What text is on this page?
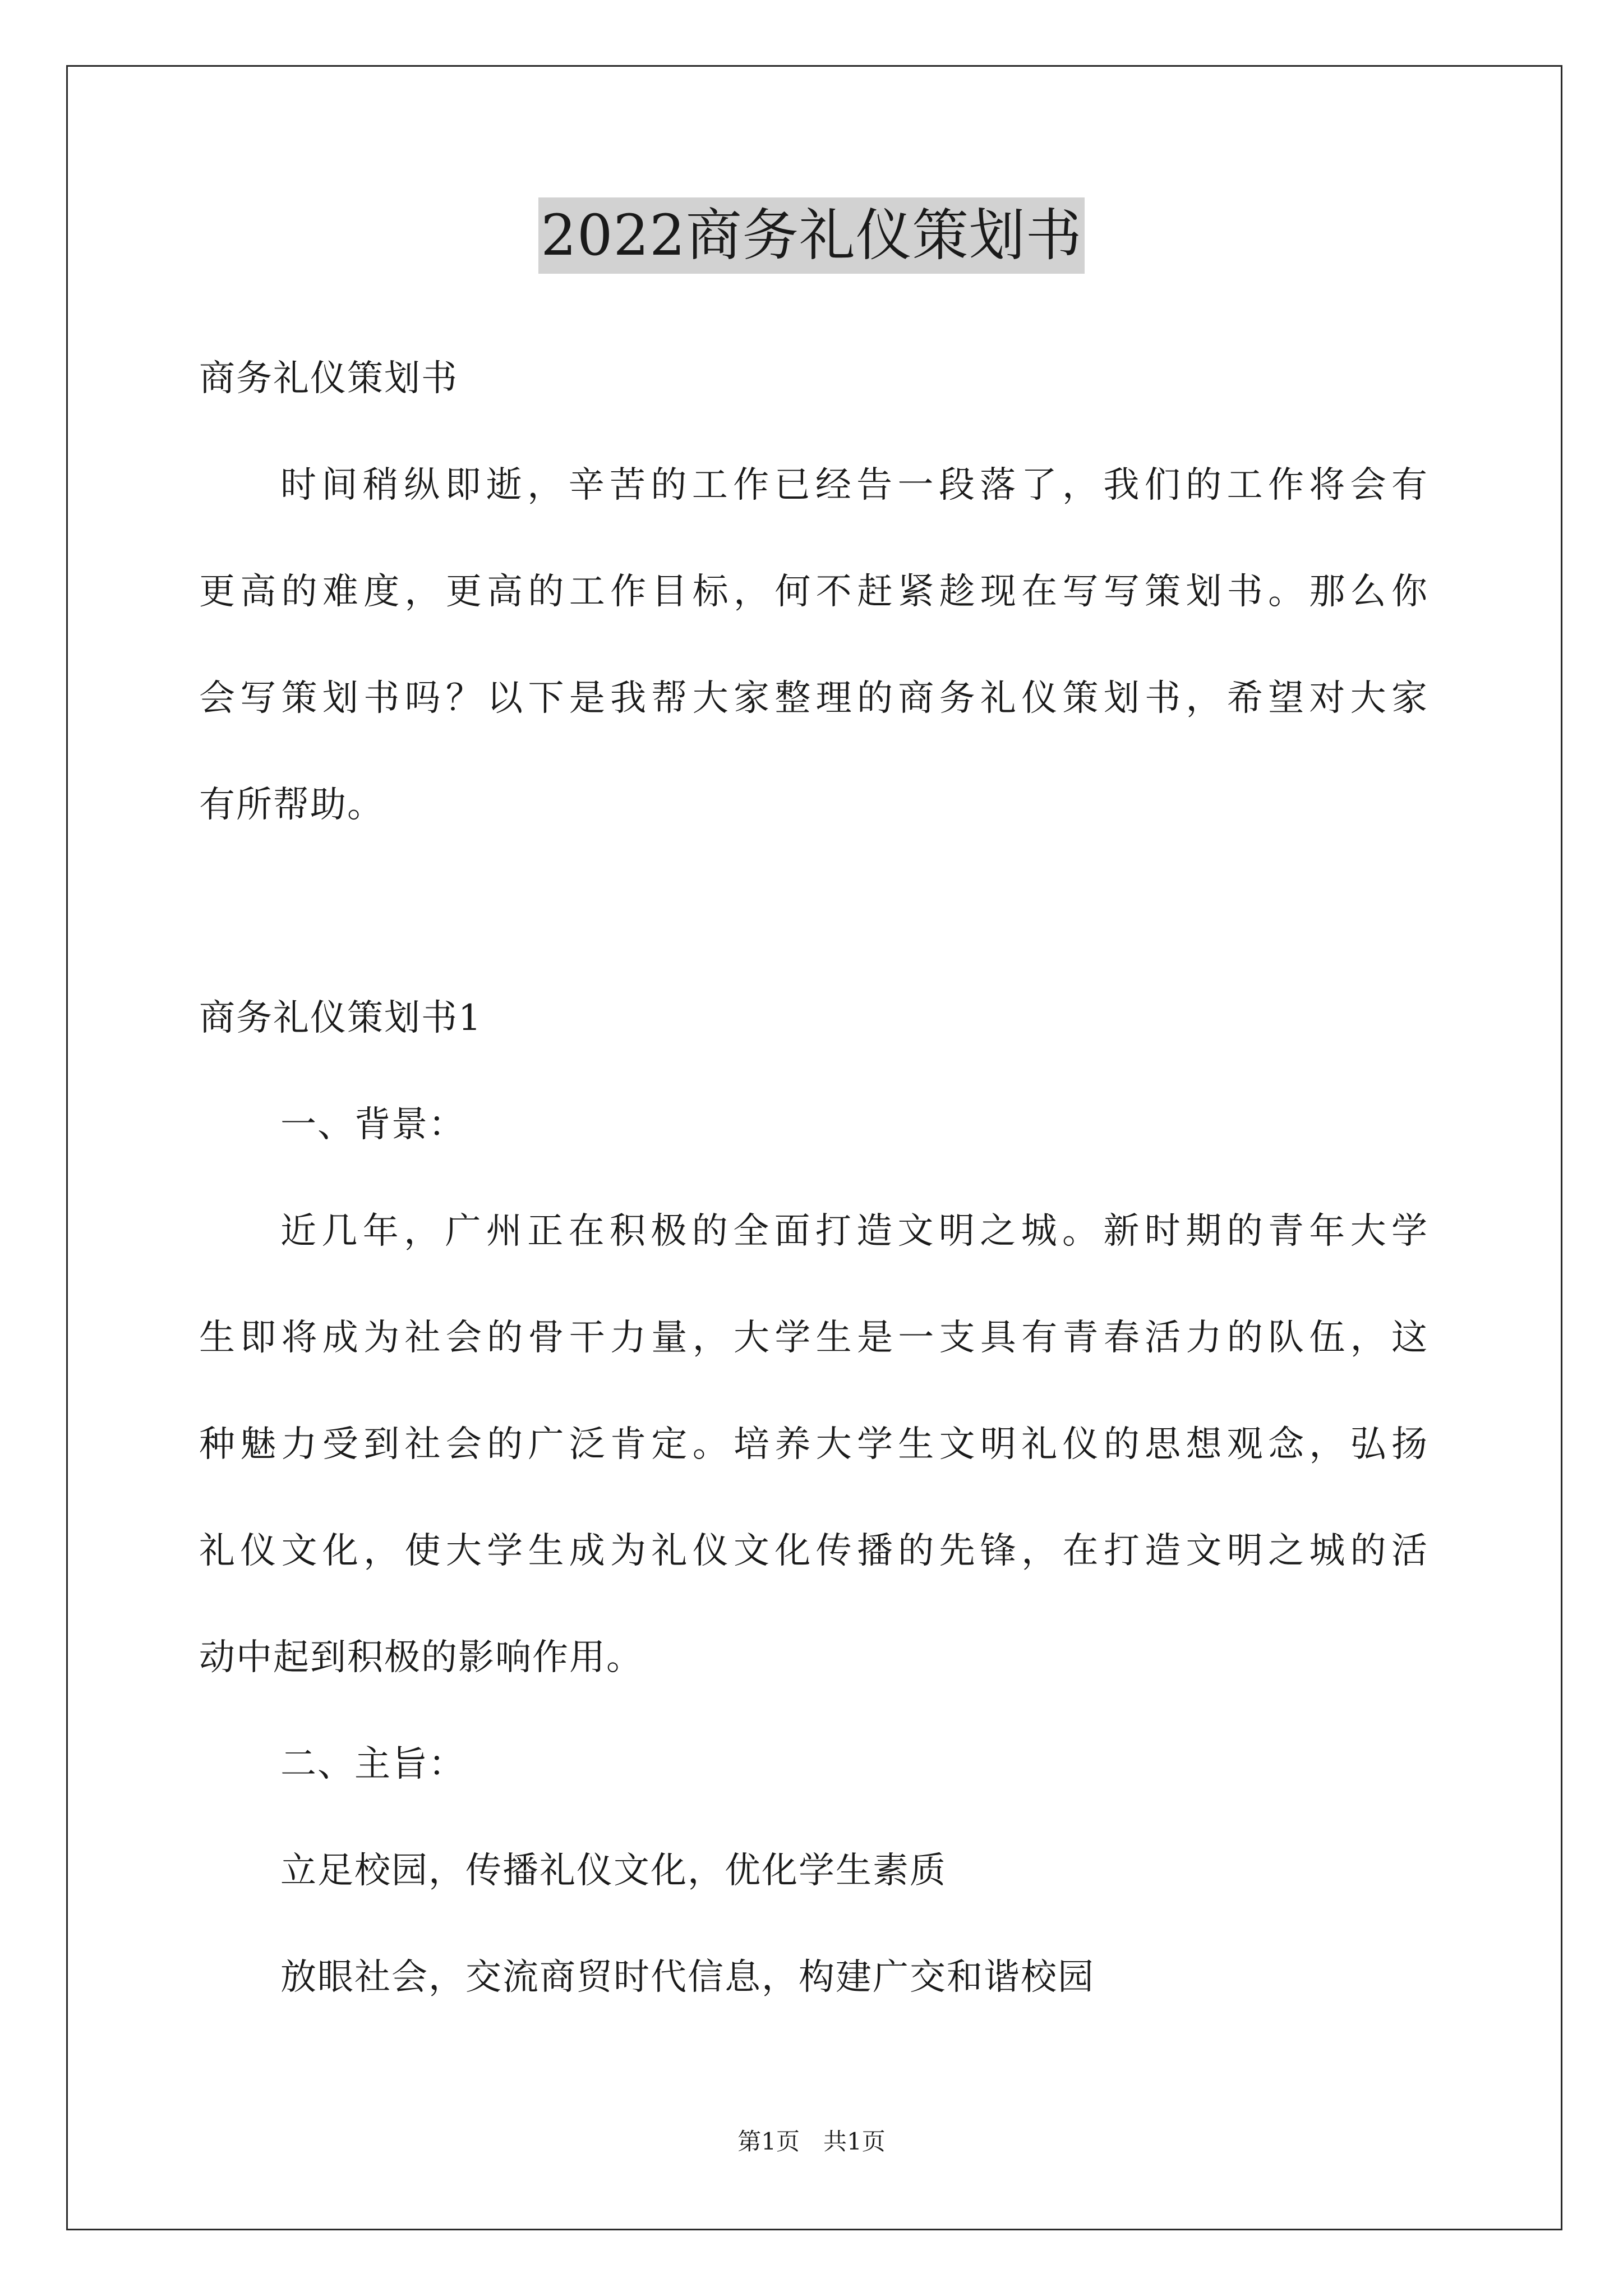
2022商务礼仪策划书
商务礼仪策划书
时间稍纵即逝，辛苦的工作已经告一段落了，我们的工作将会有
更高的难度，更高的工作目标，何不赶紧趁现在写写策划书。那么你
会写策划书吗？以下是我帮大家整理的商务礼仪策划书，希望对大家
有所帮助。
商务礼仪策划书1
一、背景：
近几年，广州正在积极的全面打造文明之城。新时期的青年大学
生即将成为社会的骨干力量，大学生是一支具有青春活力的队伍，这
种魅力受到社会的广泛肯定。培养大学生文明礼仪的思想观念，弘扬
礼仪文化，使大学生成为礼仪文化传播的先锋，在打造文明之城的活
动中起到积极的影响作用。
二、主旨：
立足校园，传播礼仪文化，优化学生素质
放眼社会，交流商贸时代信息，构建广交和谐校园
第1页　共1页
